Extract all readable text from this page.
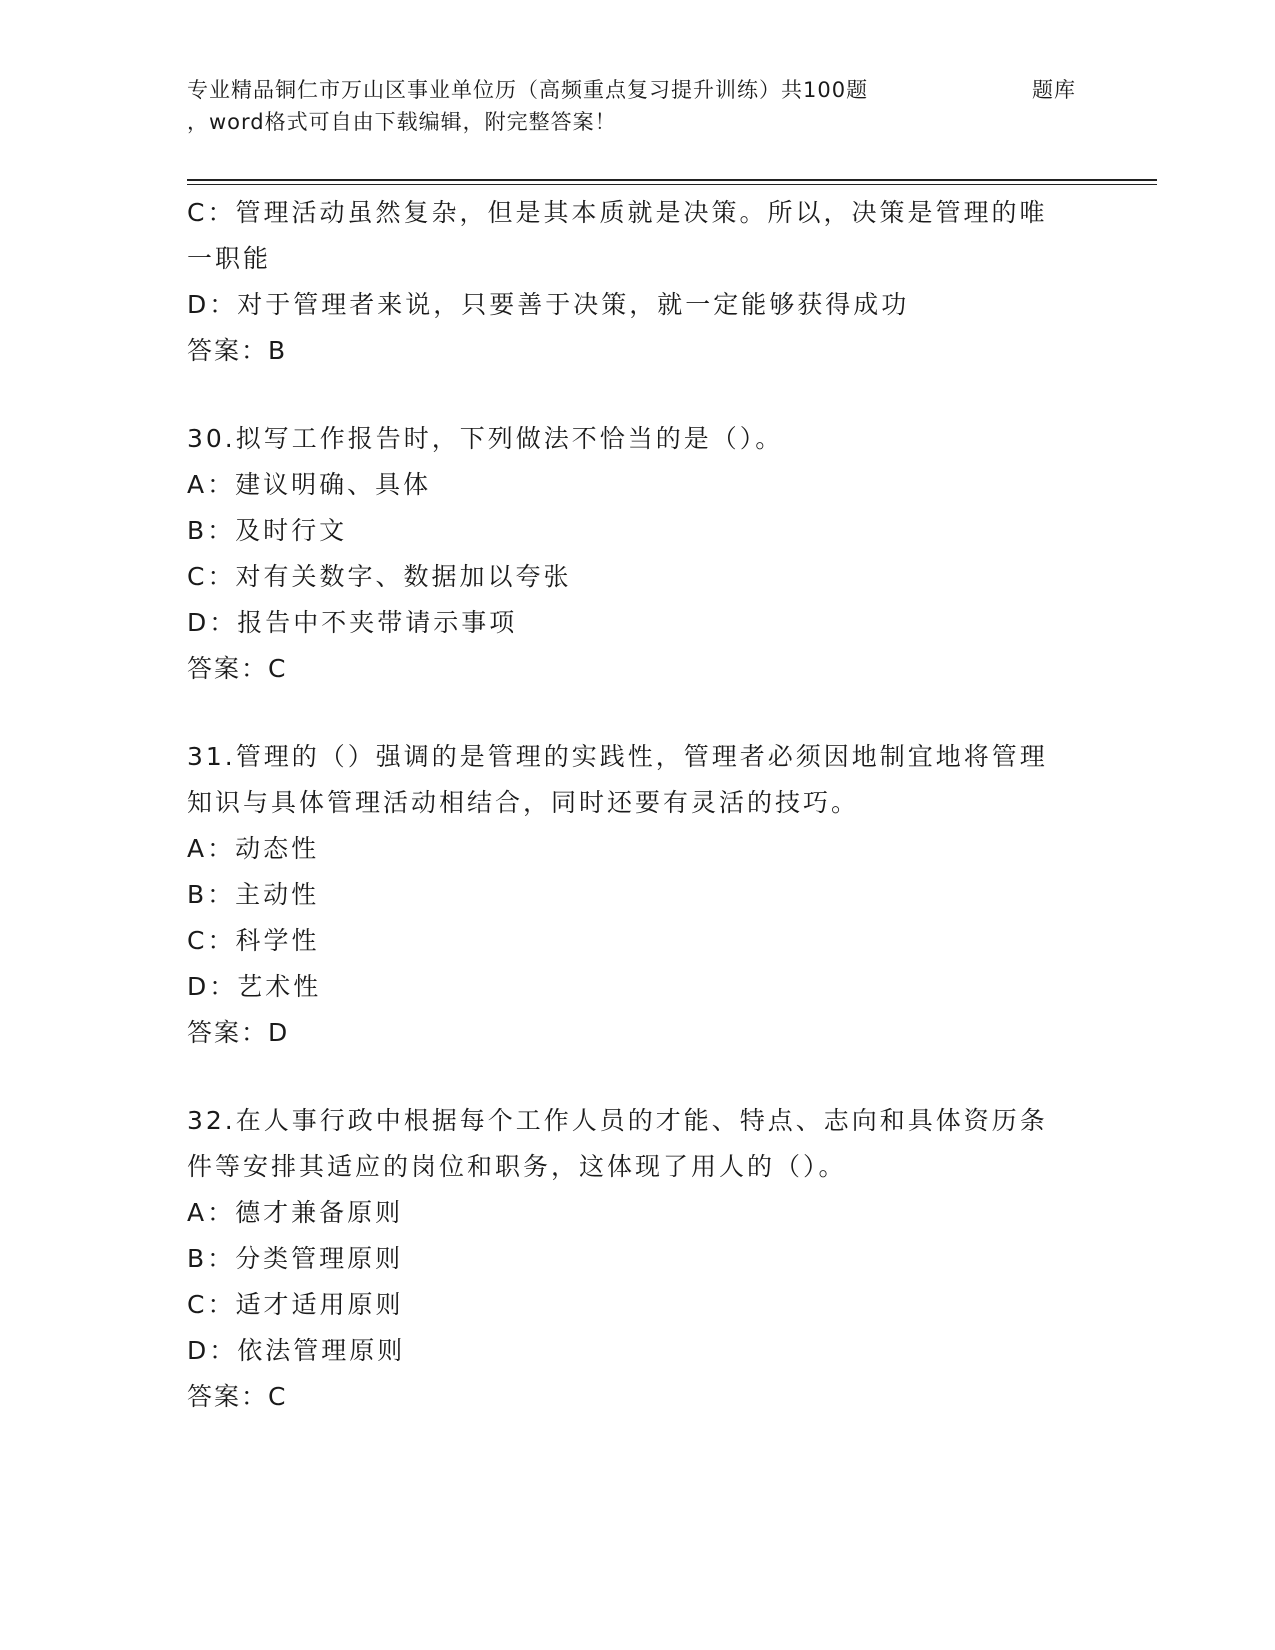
专业精品铜仁市万山区事业单位历（高频重点复习提升训练）共100题	题库
，word格式可自由下载编辑，附完整答案！
C：管理活动虽然复杂，但是其本质就是决策。所以，决策是管理的唯
一职能
D：对于管理者来说，只要善于决策，就一定能够获得成功
答案：B
30.拟写工作报告时，下列做法不恰当的是（）。
A：建议明确、具体
B：及时行文
C：对有关数字、数据加以夸张
D：报告中不夹带请示事项
答案：C
31.管理的（）强调的是管理的实践性，管理者必须因地制宜地将管理
知识与具体管理活动相结合，同时还要有灵活的技巧。
A：动态性
B：主动性
C：科学性
D：艺术性
答案：D
32.在人事行政中根据每个工作人员的才能、特点、志向和具体资历条
件等安排其适应的岗位和职务，这体现了用人的（）。
A：德才兼备原则
B：分类管理原则
C：适才适用原则
D：依法管理原则
答案：C
